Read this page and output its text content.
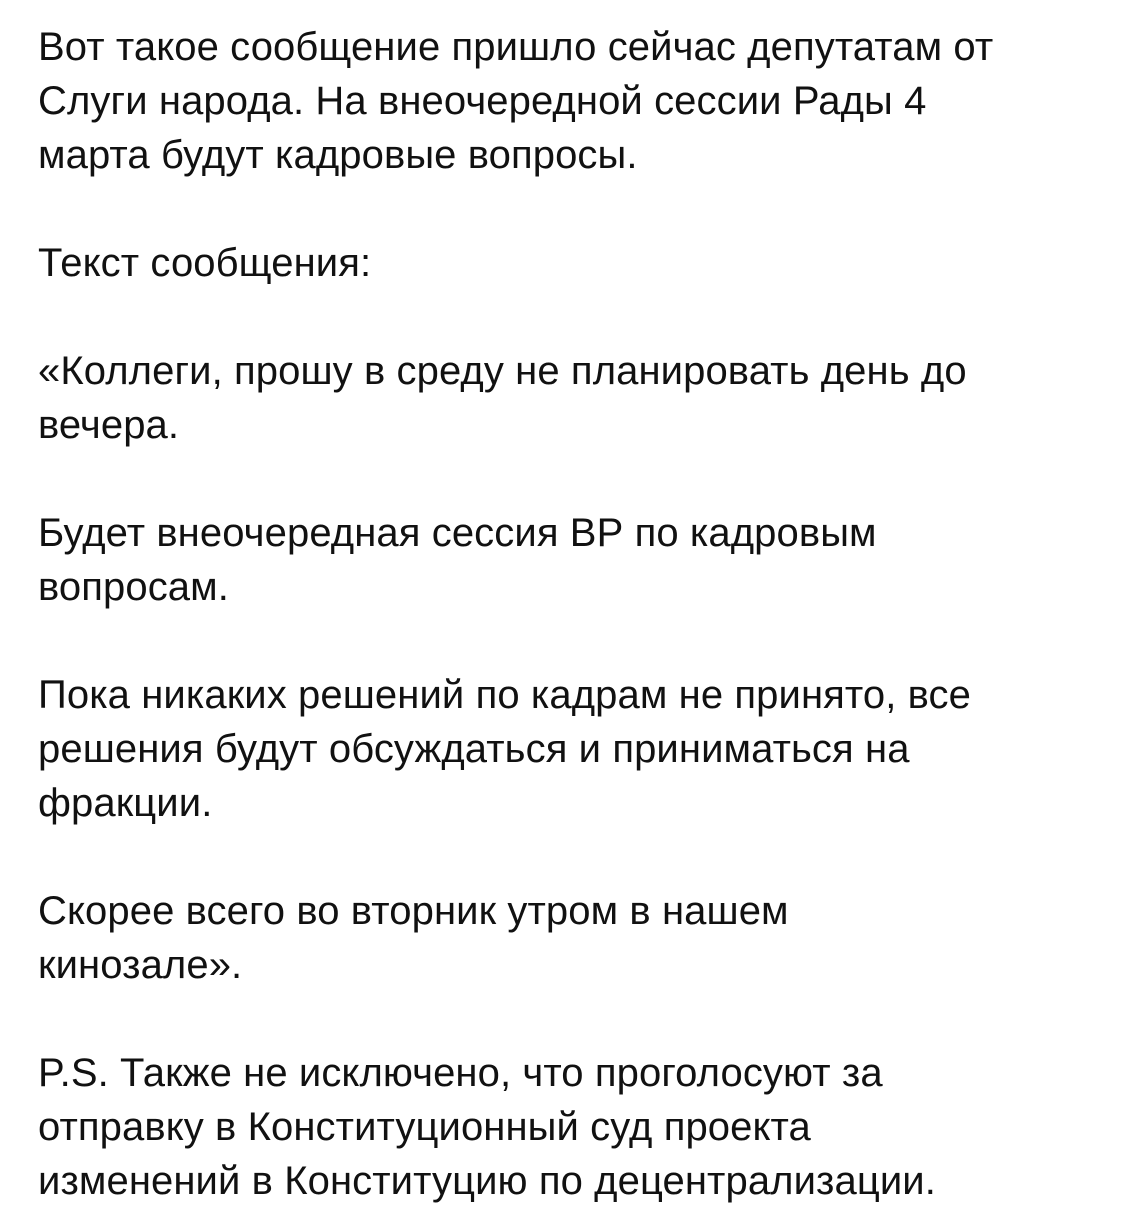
Вот такое сообщение пришло сейчас депутатам от
Слуги народа. На внеочередной сессии Рады 4
марта будут кадровые вопросы.

Текст сообщения:

«Коллеги, прошу в среду не планировать день до
вечера.

Будет внеочередная сессия ВР по кадровым
вопросам.

Пока никаких решений по кадрам не принято, все
решения будут обсуждаться и приниматься на
фракции.

Скорее всего во вторник утром в нашем
кинозале».

P.S. Также не исключено, что проголосуют за
отправку в Конституционный суд проекта
изменений в Конституцию по децентрализации.
